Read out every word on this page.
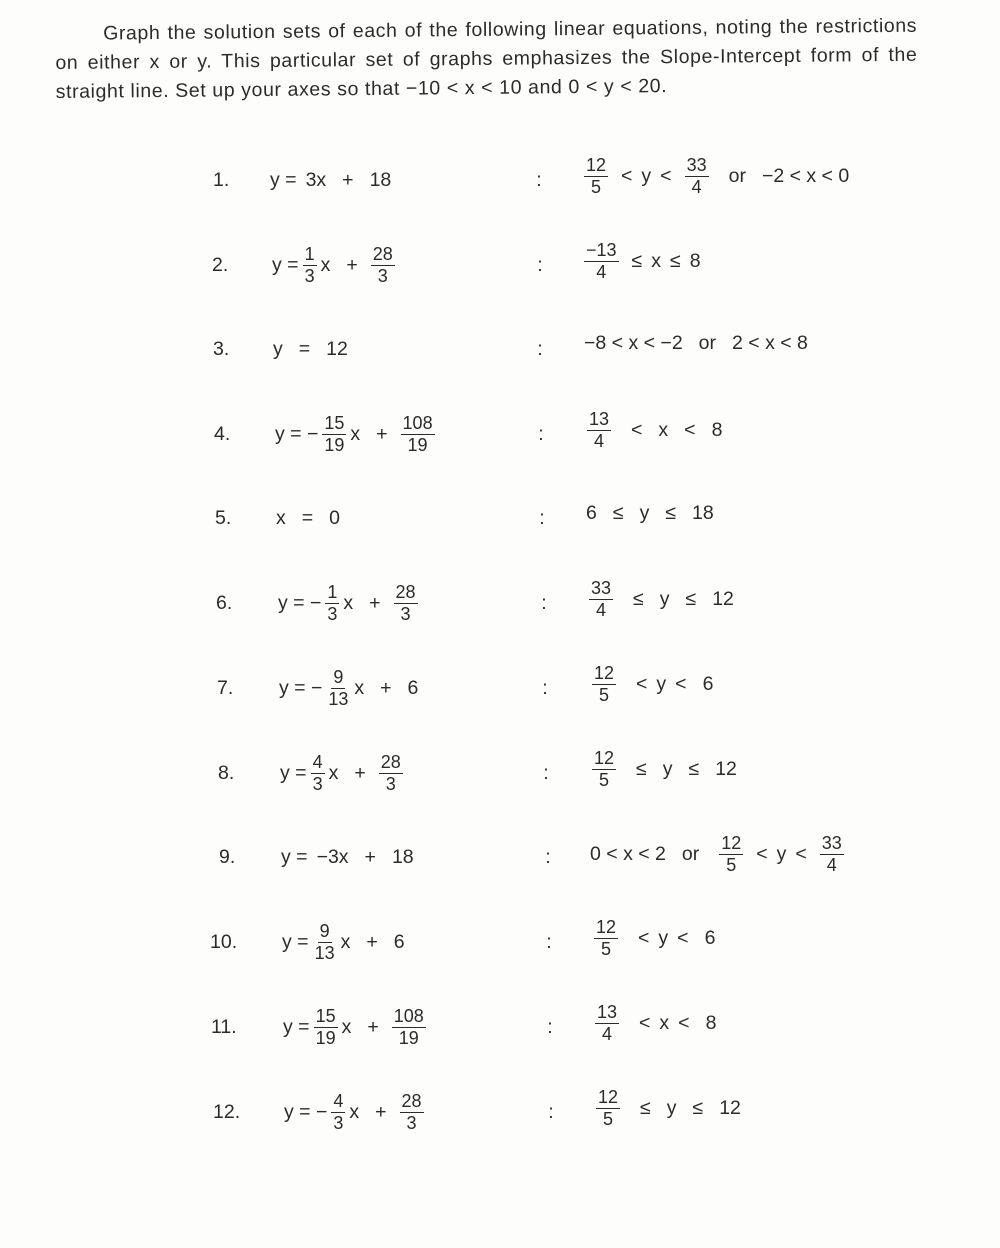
Graph the solution sets of each of the following linear equations, noting the restrictions on either x or y. This particular set of graphs emphasizes the Slope-Intercept form of the straight line. Set up your axes so that −10 < x < 10 and 0 < y < 20.
1.	y = 3x + 18	: $\frac{12}{5} < y < \frac{33}{4}$ or −2 < x < 0
2.	$y = \frac{1}{3}$ $x + \frac{28}{3}$	: $\frac{-13}{4} \le x \le 8$
3.	y = 12	: −8 < x < −2 or 2 < x < 8
4.	y = − $\frac{15}{19}$ $x + \frac{108}{19}$	: $\frac{13}{4} < x < 8$
5.	x = 0	: 6 ≤ y ≤ 18
6.	y = − $\frac{1}{3}$ $x + \frac{28}{3}$	: $\frac{33}{4} \le y \le 12$
7.	y = − $\frac{9}{13}$ x + 6	: $\frac{12}{5} < y < 6$
8.	$y = \frac{4}{3}$ $x + \frac{28}{3}$	: $\frac{12}{5} \le y \le 12$
9.	y = −3x + 18	: 0 < x < 2 or $\frac{12}{5} < y < \frac{33}{4}$
10.	$y = \frac{9}{13}$ x + 6	: $\frac{12}{5} < y < 6$
11.	$y = \frac{15}{19}$ $x + \frac{108}{19}$	: $\frac{13}{4} < x < 8$
12.	y = − $\frac{4}{3}$ $x + \frac{28}{3}$	: $\frac{12}{5} \le y \le 12$
